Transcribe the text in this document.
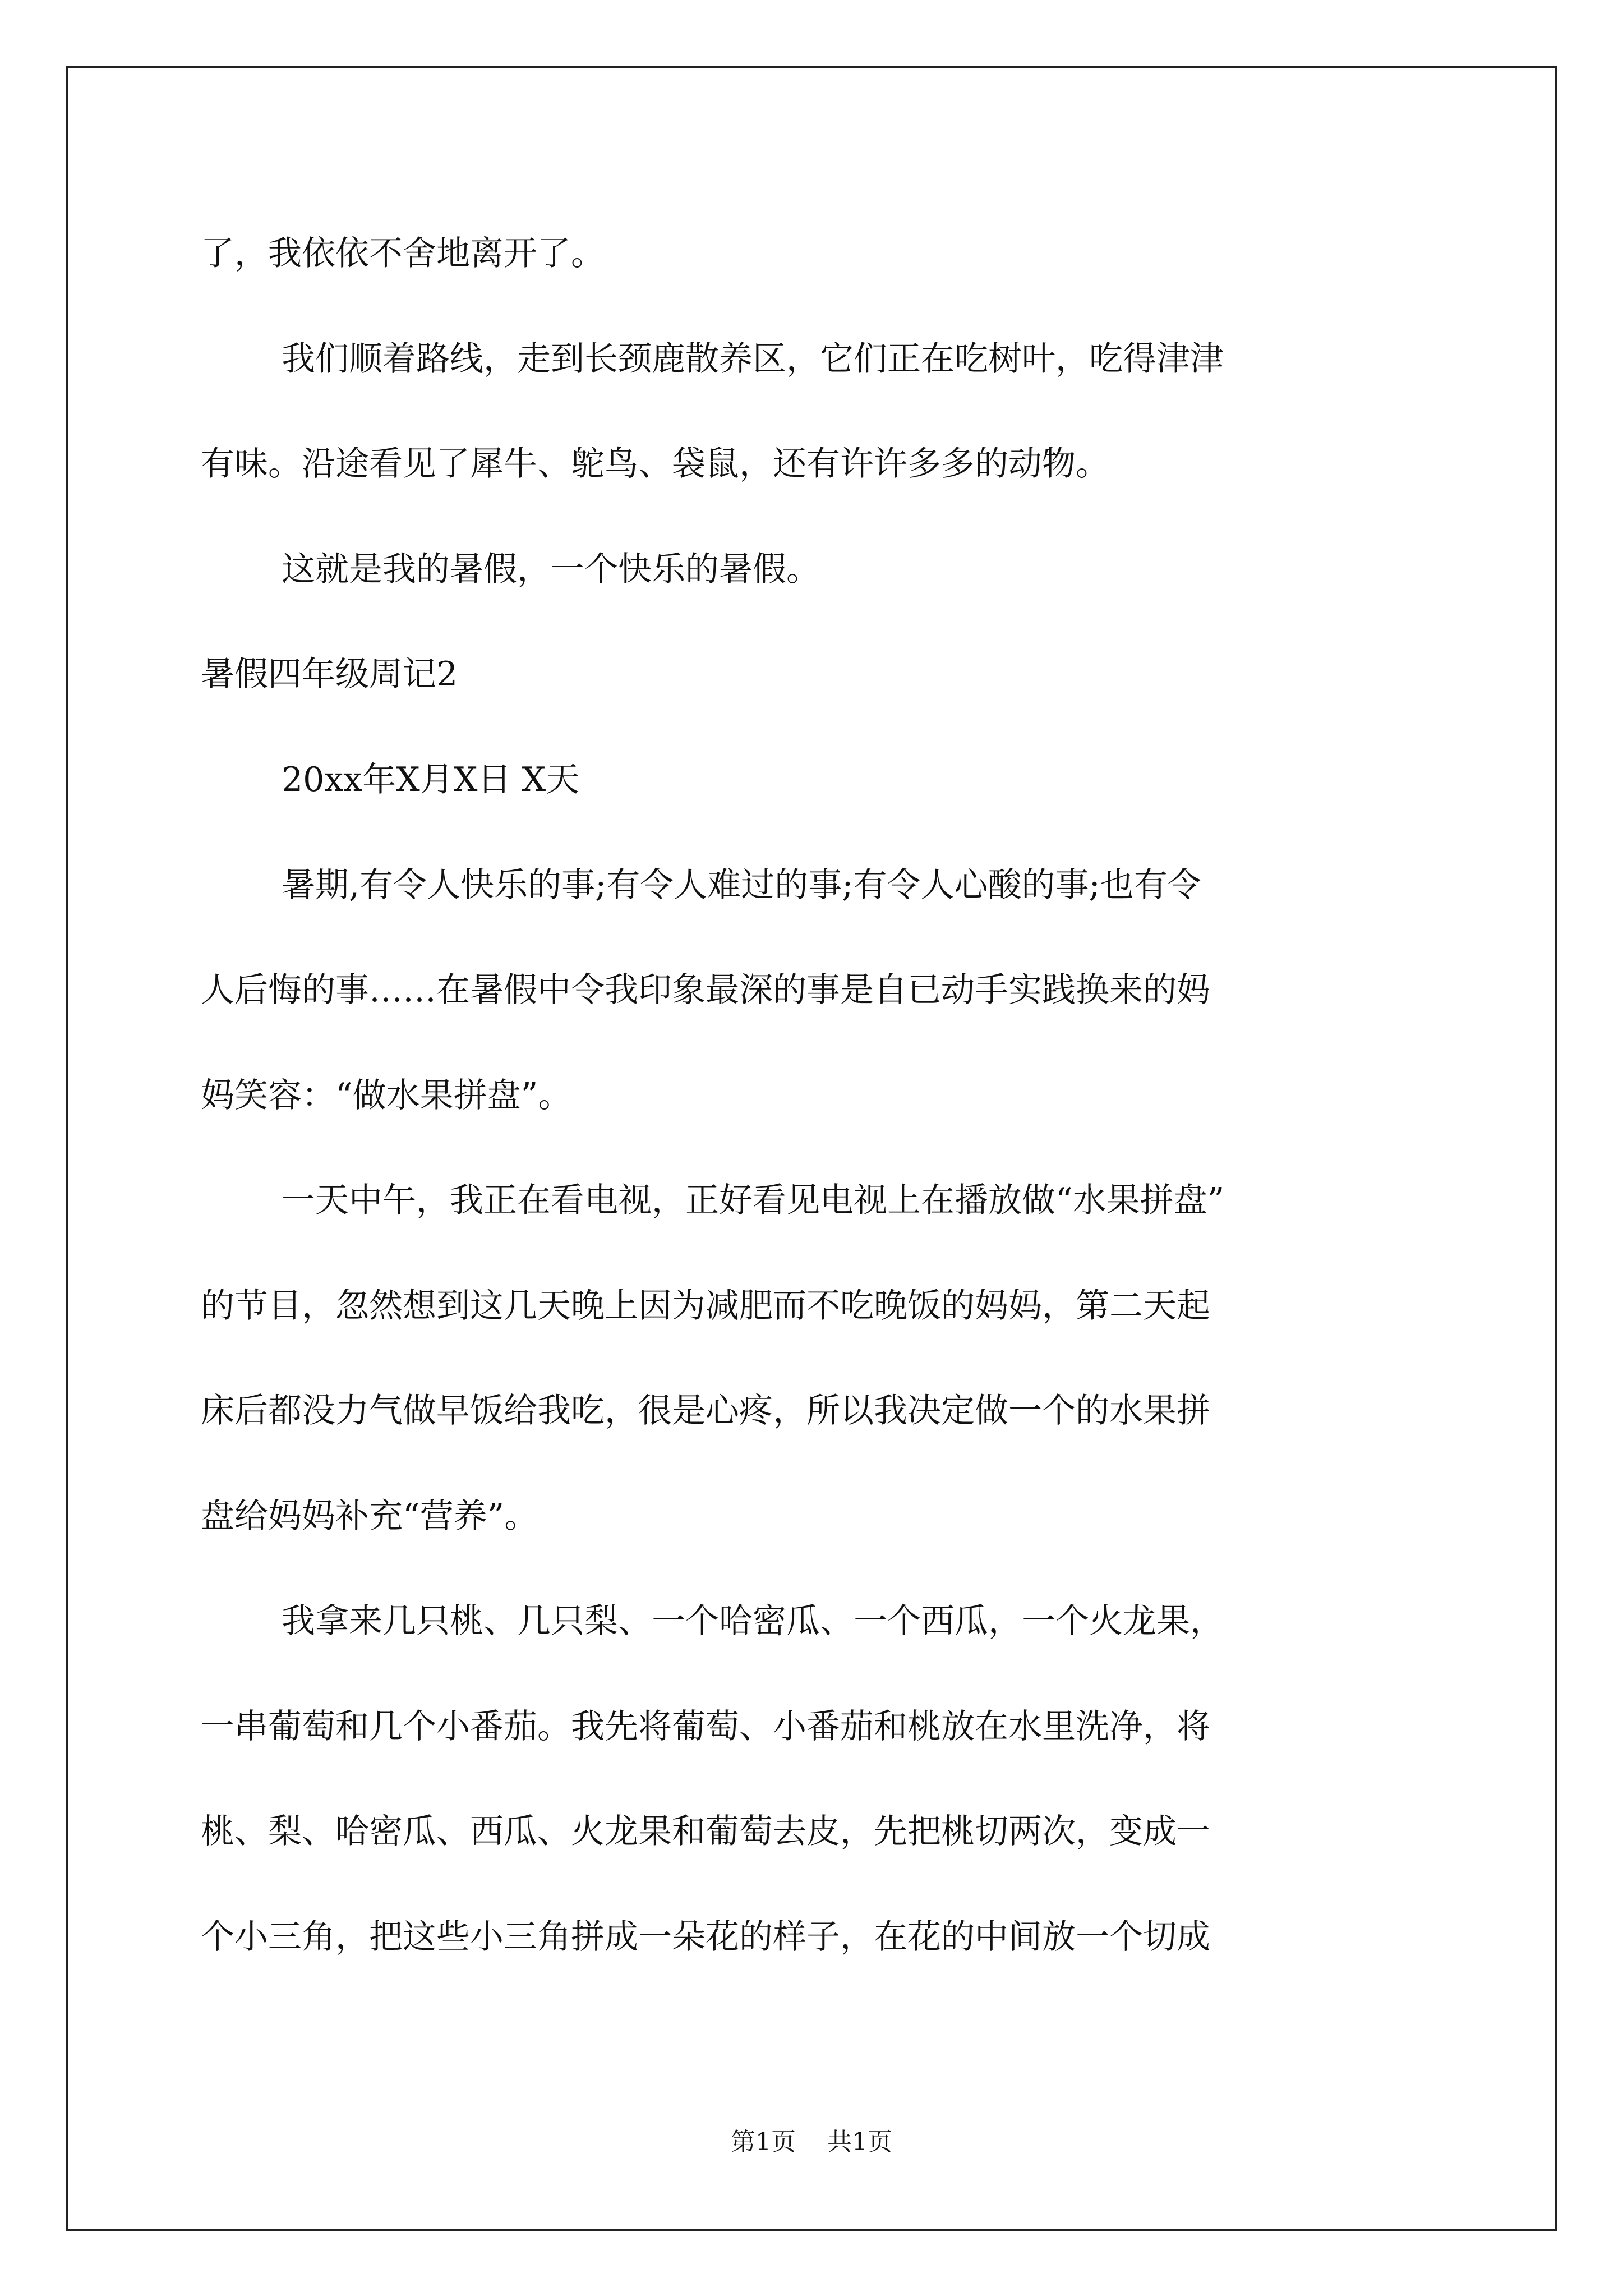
了，我依依不舍地离开了。
我们顺着路线，走到长颈鹿散养区，它们正在吃树叶，吃得津津
有味。沿途看见了犀牛、鸵鸟、袋鼠，还有许许多多的动物。
这就是我的暑假，一个快乐的暑假。
暑假四年级周记2
20xx年X月X日 X天
暑期,有令人快乐的事;有令人难过的事;有令人心酸的事;也有令
人后悔的事……在暑假中令我印象最深的事是自已动手实践换来的妈
妈笑容：“做水果拼盘”。
一天中午，我正在看电视，正好看见电视上在播放做“水果拼盘”
的节目，忽然想到这几天晚上因为减肥而不吃晚饭的妈妈，第二天起
床后都没力气做早饭给我吃，很是心疼，所以我决定做一个的水果拼
盘给妈妈补充“营养”。
我拿来几只桃、几只梨、一个哈密瓜、一个西瓜，一个火龙果，
一串葡萄和几个小番茄。我先将葡萄、小番茄和桃放在水里洗净，将
桃、梨、哈密瓜、西瓜、火龙果和葡萄去皮，先把桃切两次，变成一
个小三角，把这些小三角拼成一朵花的样子，在花的中间放一个切成
第1页    共1页
